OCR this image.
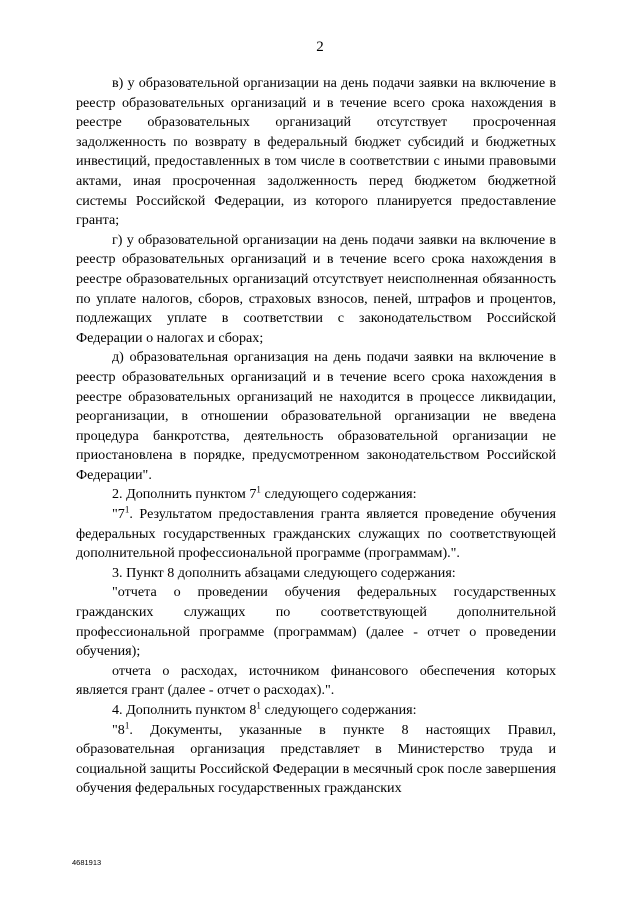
2

в) у образовательной организации на день подачи заявки на включение в реестр образовательных организаций и в течение всего срока нахождения в реестре образовательных организаций отсутствует просроченная задолженность по возврату в федеральный бюджет субсидий и бюджетных инвестиций, предоставленных в том числе в соответствии с иными правовыми актами, иная просроченная задолженность перед бюджетом бюджетной системы Российской Федерации, из которого планируется предоставление гранта;

г) у образовательной организации на день подачи заявки на включение в реестр образовательных организаций и в течение всего срока нахождения в реестре образовательных организаций отсутствует неисполненная обязанность по уплате налогов, сборов, страховых взносов, пеней, штрафов и процентов, подлежащих уплате в соответствии с законодательством Российской Федерации о налогах и сборах;

д) образовательная организация на день подачи заявки на включение в реестр образовательных организаций и в течение всего срока нахождения в реестре образовательных организаций не находится в процессе ликвидации, реорганизации, в отношении образовательной организации не введена процедура банкротства, деятельность образовательной организации не приостановлена в порядке, предусмотренном законодательством Российской Федерации".

2. Дополнить пунктом $7^1$ следующего содержания:

"$7^1$. Результатом предоставления гранта является проведение обучения федеральных государственных гражданских служащих по соответствующей дополнительной профессиональной программе (программам).".

3. Пункт 8 дополнить абзацами следующего содержания:

"отчета о проведении обучения федеральных государственных гражданских служащих по соответствующей дополнительной профессиональной программе (программам) (далее - отчет о проведении обучения);

отчета о расходах, источником финансового обеспечения которых является грант (далее - отчет о расходах).".

4. Дополнить пунктом $8^1$ следующего содержания:

"$8^1$. Документы, указанные в пункте 8 настоящих Правил, образовательная организация представляет в Министерство труда и социальной защиты Российской Федерации в месячный срок после завершения обучения федеральных государственных гражданских

4681913
